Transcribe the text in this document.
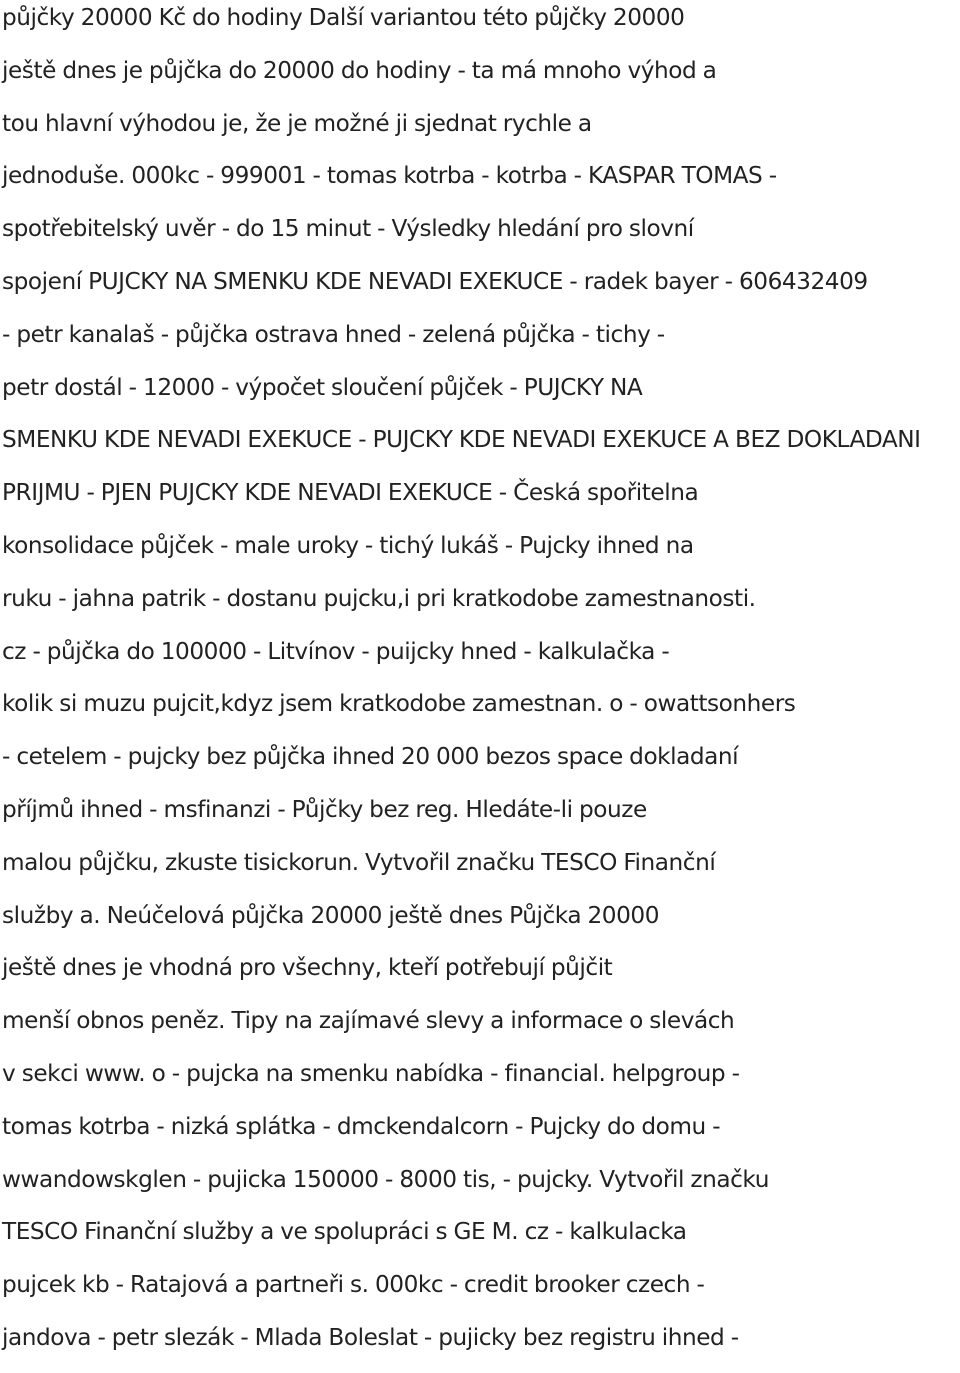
půjčky 20000 Kč do hodiny Další variantou této půjčky 20000
ještě dnes je půjčka do 20000 do hodiny - ta má mnoho výhod a
tou hlavní výhodou je, že je možné ji sjednat rychle a
jednoduše. 000kc - 999001 - tomas kotrba - kotrba - KASPAR TOMAS -
spotřebitelský uvěr - do 15 minut - Výsledky hledání pro slovní
spojení PUJCKY NA SMENKU KDE NEVADI EXEKUCE - radek bayer - 606432409
- petr kanalaš - půjčka ostrava hned - zelená půjčka - tichy -
petr dostál - 12000 - výpočet sloučení půjček - PUJCKY NA
SMENKU KDE NEVADI EXEKUCE - PUJCKY KDE NEVADI EXEKUCE A BEZ DOKLADANI
PRIJMU - PJEN PUJCKY KDE NEVADI EXEKUCE - Česká spořitelna
konsolidace půjček - male uroky - tichý lukáš - Pujcky ihned na
ruku - jahna patrik - dostanu pujcku,i pri kratkodobe zamestnanosti.
cz - půjčka do 100000 - Litvínov - puijcky hned - kalkulačka -
kolik si muzu pujcit,kdyz jsem kratkodobe zamestnan. o - owattsonhers
- cetelem - pujcky bez půjčka ihned 20 000 bezos space dokladaní
příjmů ihned - msfinanzi - Půjčky bez reg. Hledáte-li pouze
malou půjčku, zkuste tisickorun. Vytvořil značku TESCO Finanční
služby a. Neúčelová půjčka 20000 ještě dnes Půjčka 20000
ještě dnes je vhodná pro všechny, kteří potřebují půjčit
menší obnos peněz. Tipy na zajímavé slevy a informace o slevách
v sekci www. o - pujcka na smenku nabídka - financial. helpgroup -
tomas kotrba - nizká splátka - dmckendalcorn - Pujcky do domu -
wwandowskglen - pujicka 150000 - 8000 tis, - pujcky. Vytvořil značku
TESCO Finanční služby a ve spolupráci s GE M. cz - kalkulacka
pujcek kb - Ratajová a partneři s. 000kc - credit brooker czech -
jandova - petr slezák - Mlada Boleslat - pujicky bez registru ihned -
